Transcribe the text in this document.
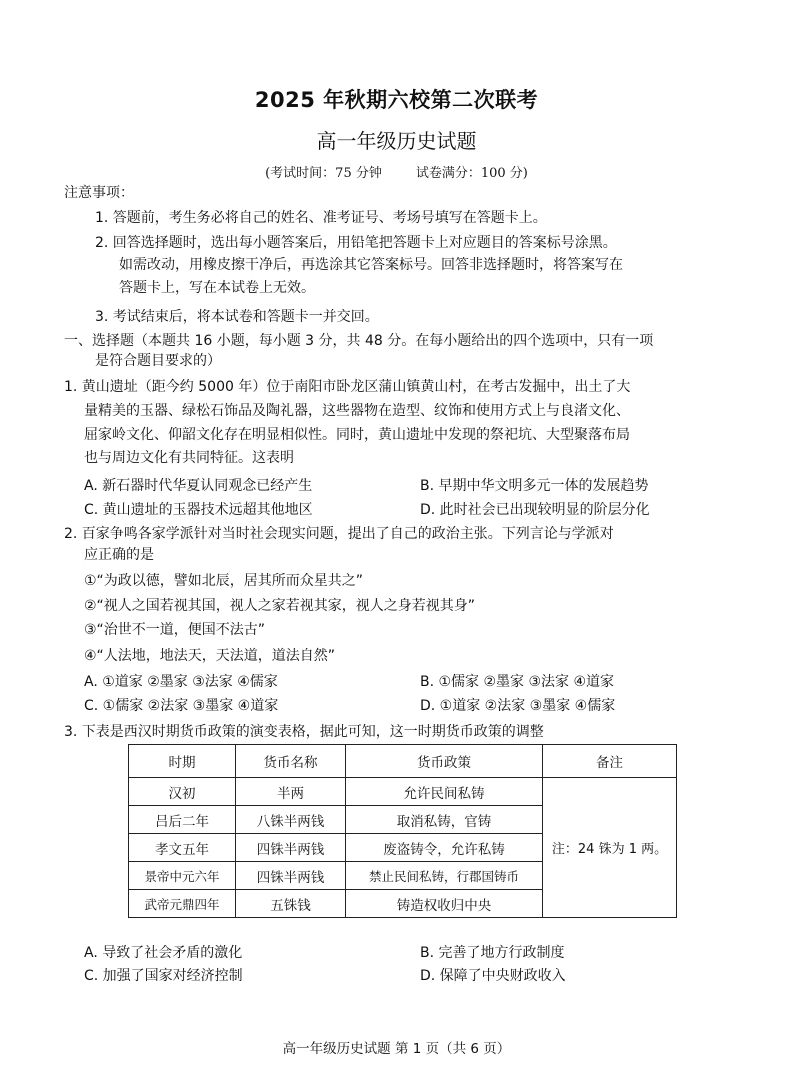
2025 年秋期六校第二次联考
高一年级历史试题
(考试时间：75 分钟	试卷满分：100 分)
注意事项：
1. 答题前，考生务必将自己的姓名、准考证号、考场号填写在答题卡上。
2. 回答选择题时，选出每小题答案后，用铅笔把答题卡上对应题目的答案标号涂黑。
如需改动，用橡皮擦干净后，再选涂其它答案标号。回答非选择题时，将答案写在
答题卡上，写在本试卷上无效。
3. 考试结束后，将本试卷和答题卡一并交回。
一、选择题（本题共 16 小题，每小题 3 分，共 48 分。在每小题给出的四个选项中，只有一项
是符合题目要求的）
1. 黄山遗址（距今约 5000 年）位于南阳市卧龙区蒲山镇黄山村，在考古发掘中，出土了大
量精美的玉器、绿松石饰品及陶礼器，这些器物在造型、纹饰和使用方式上与良渚文化、
屈家岭文化、仰韶文化存在明显相似性。同时，黄山遗址中发现的祭祀坑、大型聚落布局
也与周边文化有共同特征。这表明
A. 新石器时代华夏认同观念已经产生	B. 早期中华文明多元一体的发展趋势
C. 黄山遗址的玉器技术远超其他地区	D. 此时社会已出现较明显的阶层分化
2. 百家争鸣各家学派针对当时社会现实问题，提出了自己的政治主张。下列言论与学派对
应正确的是
①“为政以德，譬如北辰，居其所而众星共之”
②“视人之国若视其国，视人之家若视其家，视人之身若视其身”
③“治世不一道，便国不法古”
④“人法地，地法天，天法道，道法自然”
A. ①道家 ②墨家 ③法家 ④儒家	B. ①儒家 ②墨家 ③法家 ④道家
C. ①儒家 ②法家 ③墨家 ④道家	D. ①道家 ②法家 ③墨家 ④儒家
3. 下表是西汉时期货币政策的演变表格，据此可知，这一时期货币政策的调整
时期	货币名称	货币政策	备注
汉初	半两	允许民间私铸	注：24 铢为 1 两。
吕后二年	八铢半两钱	取消私铸，官铸	
孝文五年	四铢半两钱	废盗铸令，允许私铸	
景帝中元六年	四铢半两钱	禁止民间私铸，行郡国铸币	
武帝元鼎四年	五铢钱	铸造权收归中央	
A. 导致了社会矛盾的激化	B. 完善了地方行政制度
C. 加强了国家对经济控制	D. 保障了中央财政收入
高一年级历史试题 第 1 页（共 6 页）
